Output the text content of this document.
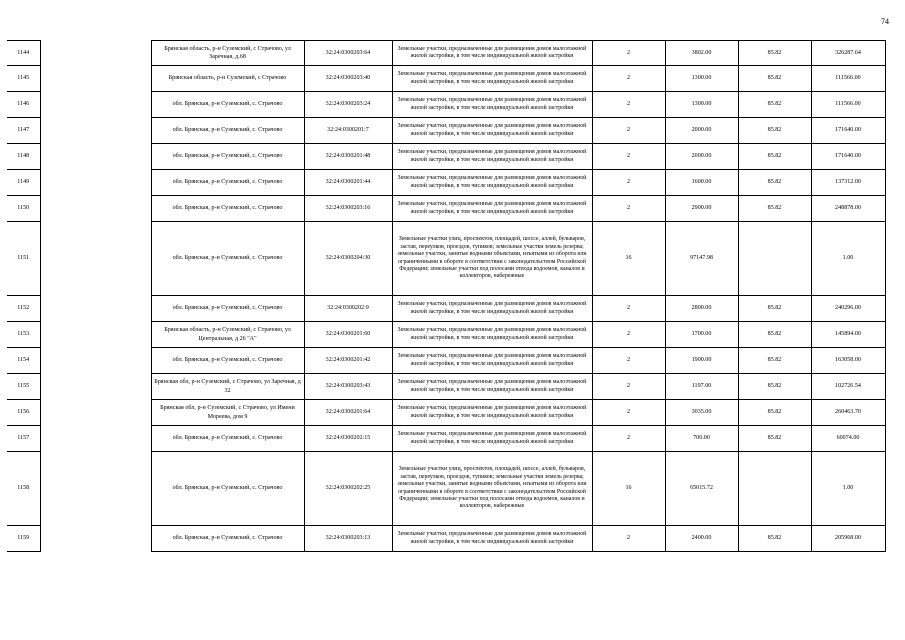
74
1144		Брянская область, р-н Суземский, с Страчово, ул Заречная, д.68	32:24:0300203:64	Земельные участки, предназначенные для размещения домов малоэтажной жилой застройки, в том числе индивидуальной жилой застройки	2	3802.00	85.82	326287.64
1145		Брянская область, р-н Суземский, с Страчово	32:24:0300203:40	Земельные участки, предназначенные для размещения домов малоэтажной жилой застройки, в том числе индивидуальной жилой застройки	2	1300.00	85.82	111566.00
1146		обл. Брянская, р-н Суземский, с. Страчово	32:24:0300203:24	Земельные участки, предназначенные для размещения домов малоэтажной жилой застройки, в том числе индивидуальной жилой застройки	2	1300.00	85.82	111566.00
1147		обл. Брянская, р-н Суземский, с. Страчово	32:24:0300201:7	Земельные участки, предназначенные для размещения домов малоэтажной жилой застройки, в том числе индивидуальной жилой застройки	2	2000.00	85.82	171640.00
1148		обл. Брянская, р-н Суземский, с. Страчово	32:24:0300201:48	Земельные участки, предназначенные для размещения домов малоэтажной жилой застройки, в том числе индивидуальной жилой застройки	2	2000.00	85.82	171640.00
1149		обл. Брянская, р-н Суземский, с. Страчово	32:24:0300201:44	Земельные участки, предназначенные для размещения домов малоэтажной жилой застройки, в том числе индивидуальной жилой застройки	2	1600.00	85.82	137312.00
1150		обл. Брянская, р-н Суземский, с. Страчово	32:24:0300203:16	Земельные участки, предназначенные для размещения домов малоэтажной жилой застройки, в том числе индивидуальной жилой застройки	2	2900.00	85.82	248878.00
1151		обл. Брянская, р-н Суземский, с. Страчово	32:24:0300204:30	Земельные участки улиц, проспектов, площадей, шоссе, аллей, бульваров, застав, переулков, проездов, тупиков; земельные участки земель резерва; земельные участки, занятые водными объектами, изъятыми из оборота или ограниченными в обороте в соответствии с законодательством Российской Федерации; земельные участки под полосами отвода водоемов, каналов и коллекторов, набережные	16	97147.98		1.00
1152		обл. Брянская, р-н Суземский, с. Страчово	32:24:0300202:9	Земельные участки, предназначенные для размещения домов малоэтажной жилой застройки, в том числе индивидуальной жилой застройки	2	2800.00	85.82	240296.00
1153		Брянская область, р-н Суземский, с Страчово, ул Центральная, д 26 "А"	32:24:0300201:60	Земельные участки, предназначенные для размещения домов малоэтажной жилой застройки, в том числе индивидуальной жилой застройки	2	1700.00	85.82	145894.00
1154		обл. Брянская, р-н Суземский, с. Страчово	32:24:0300201:42	Земельные участки, предназначенные для размещения домов малоэтажной жилой застройки, в том числе индивидуальной жилой застройки	2	1900.00	85.82	163058.00
1155		Брянская обл, р-н Суземский, с Страчово, ул Заречная, д 32	32:24:0300203:43	Земельные участки, предназначенные для размещения домов малоэтажной жилой застройки, в том числе индивидуальной жилой застройки	2	1197.00	85.82	102726.54
1156		Брянская обл, р-н Суземский, с Страчово, ул Имени Мореева, дом 9	32:24:0300201:64	Земельные участки, предназначенные для размещения домов малоэтажной жилой застройки, в том числе индивидуальной жилой застройки	2	3035.00	85.82	260463.70
1157		обл. Брянская, р-н Суземский, с. Страчово	32:24:0300202:15	Земельные участки, предназначенные для размещения домов малоэтажной жилой застройки, в том числе индивидуальной жилой застройки	2	700.00	85.82	60074.00
1158		обл. Брянская, р-н Суземский, с. Страчово	32:24:0300202:25	Земельные участки улиц, проспектов, площадей, шоссе, аллей, бульваров, застав, переулков, проездов, тупиков; земельные участки земель резерва; земельные участки, занятые водными объектами, изъятыми из оборота или ограниченными в обороте в соответствии с законодательством Российской Федерации; земельные участки под полосами отвода водоемов, каналов и коллекторов, набережные	16	65015.72		1.00
1159		обл. Брянская, р-н Суземский, с. Страчово	32:24:0300203:13	Земельные участки, предназначенные для размещения домов малоэтажной жилой застройки, в том числе индивидуальной жилой застройки	2	2400.00	85.82	205968.00
